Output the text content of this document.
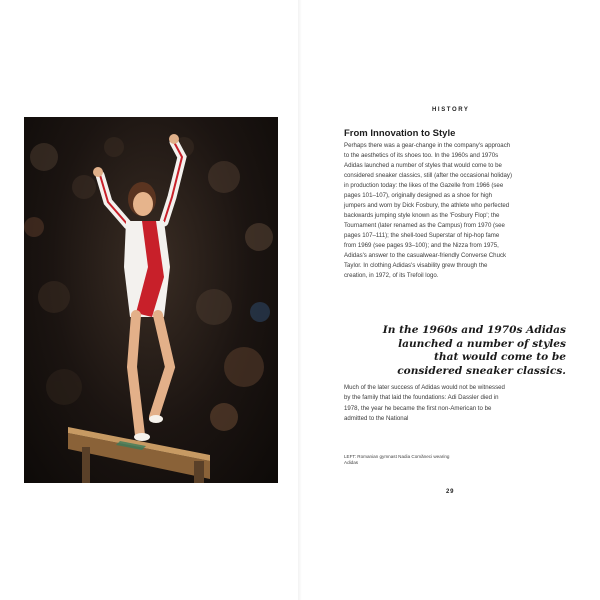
HISTORY
From Innovation to Style
Perhaps there was a gear-change in the company's approach to the aesthetics of its shoes too. In the 1960s and 1970s Adidas launched a number of styles that would come to be considered sneaker classics, still (after the occasional holiday) in production today: the likes of the Gazelle from 1966 (see pages 101–107), originally designed as a shoe for high jumpers and worn by Dick Fosbury, the athlete who perfected backwards jumping style known as the 'Fosbury Flop'; the Tournament (later renamed as the Campus) from 1970 (see pages 107–111); the shell-toed Superstar of hip-hop fame from 1969 (see pages 93–100); and the Nizza from 1975, Adidas's answer to the casualwear-friendly Converse Chuck Taylor. In clothing Adidas's visability grew through the creation, in 1972, of its Trefoil logo.
In the 1960s and 1970s Adidas launched a number of styles that would come to be considered sneaker classics.
Much of the later success of Adidas would not be witnessed by the family that laid the foundations: Adi Dassler died in 1978, the year he became the first non-American to be admitted to the National
LEFT: Romanian gymnast Nadia Comăneci wearing Adidas
29
